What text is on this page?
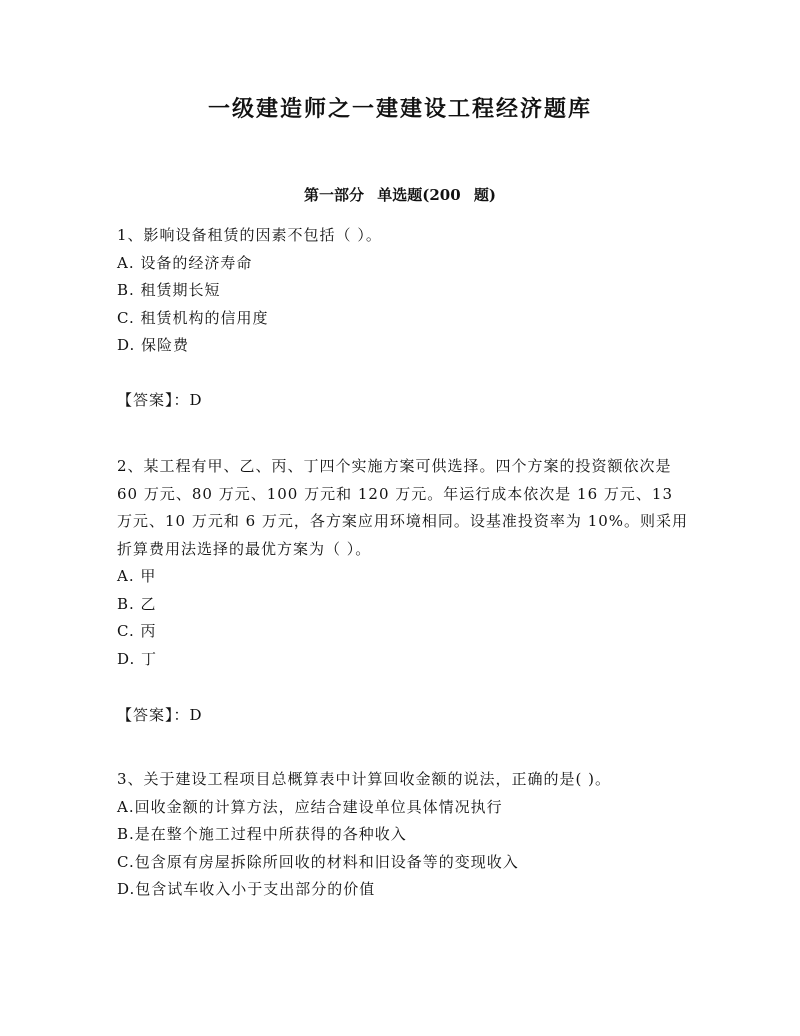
一级建造师之一建建设工程经济题库
第一部分 单选题(200 题)

1、影响设备租赁的因素不包括（ ）。

A. 设备的经济寿命

B. 租赁期长短

C. 租赁机构的信用度

D. 保险费

【答案】：D

2、某工程有甲、乙、丙、丁四个实施方案可供选择。四个方案的投资额依次是 60 万元、80 万元、100 万元和 120 万元。年运行成本依次是 16 万元、13 万元、10 万元和 6 万元，各方案应用环境相同。设基准投资率为 10%。则采用折算费用法选择的最优方案为（ ）。

A. 甲

B. 乙

C. 丙

D. 丁

【答案】：D

3、关于建设工程项目总概算表中计算回收金额的说法，正确的是( )。

A.回收金额的计算方法，应结合建设单位具体情况执行

B.是在整个施工过程中所获得的各种收入

C.包含原有房屋拆除所回收的材料和旧设备等的变现收入

D.包含试车收入小于支出部分的价值
